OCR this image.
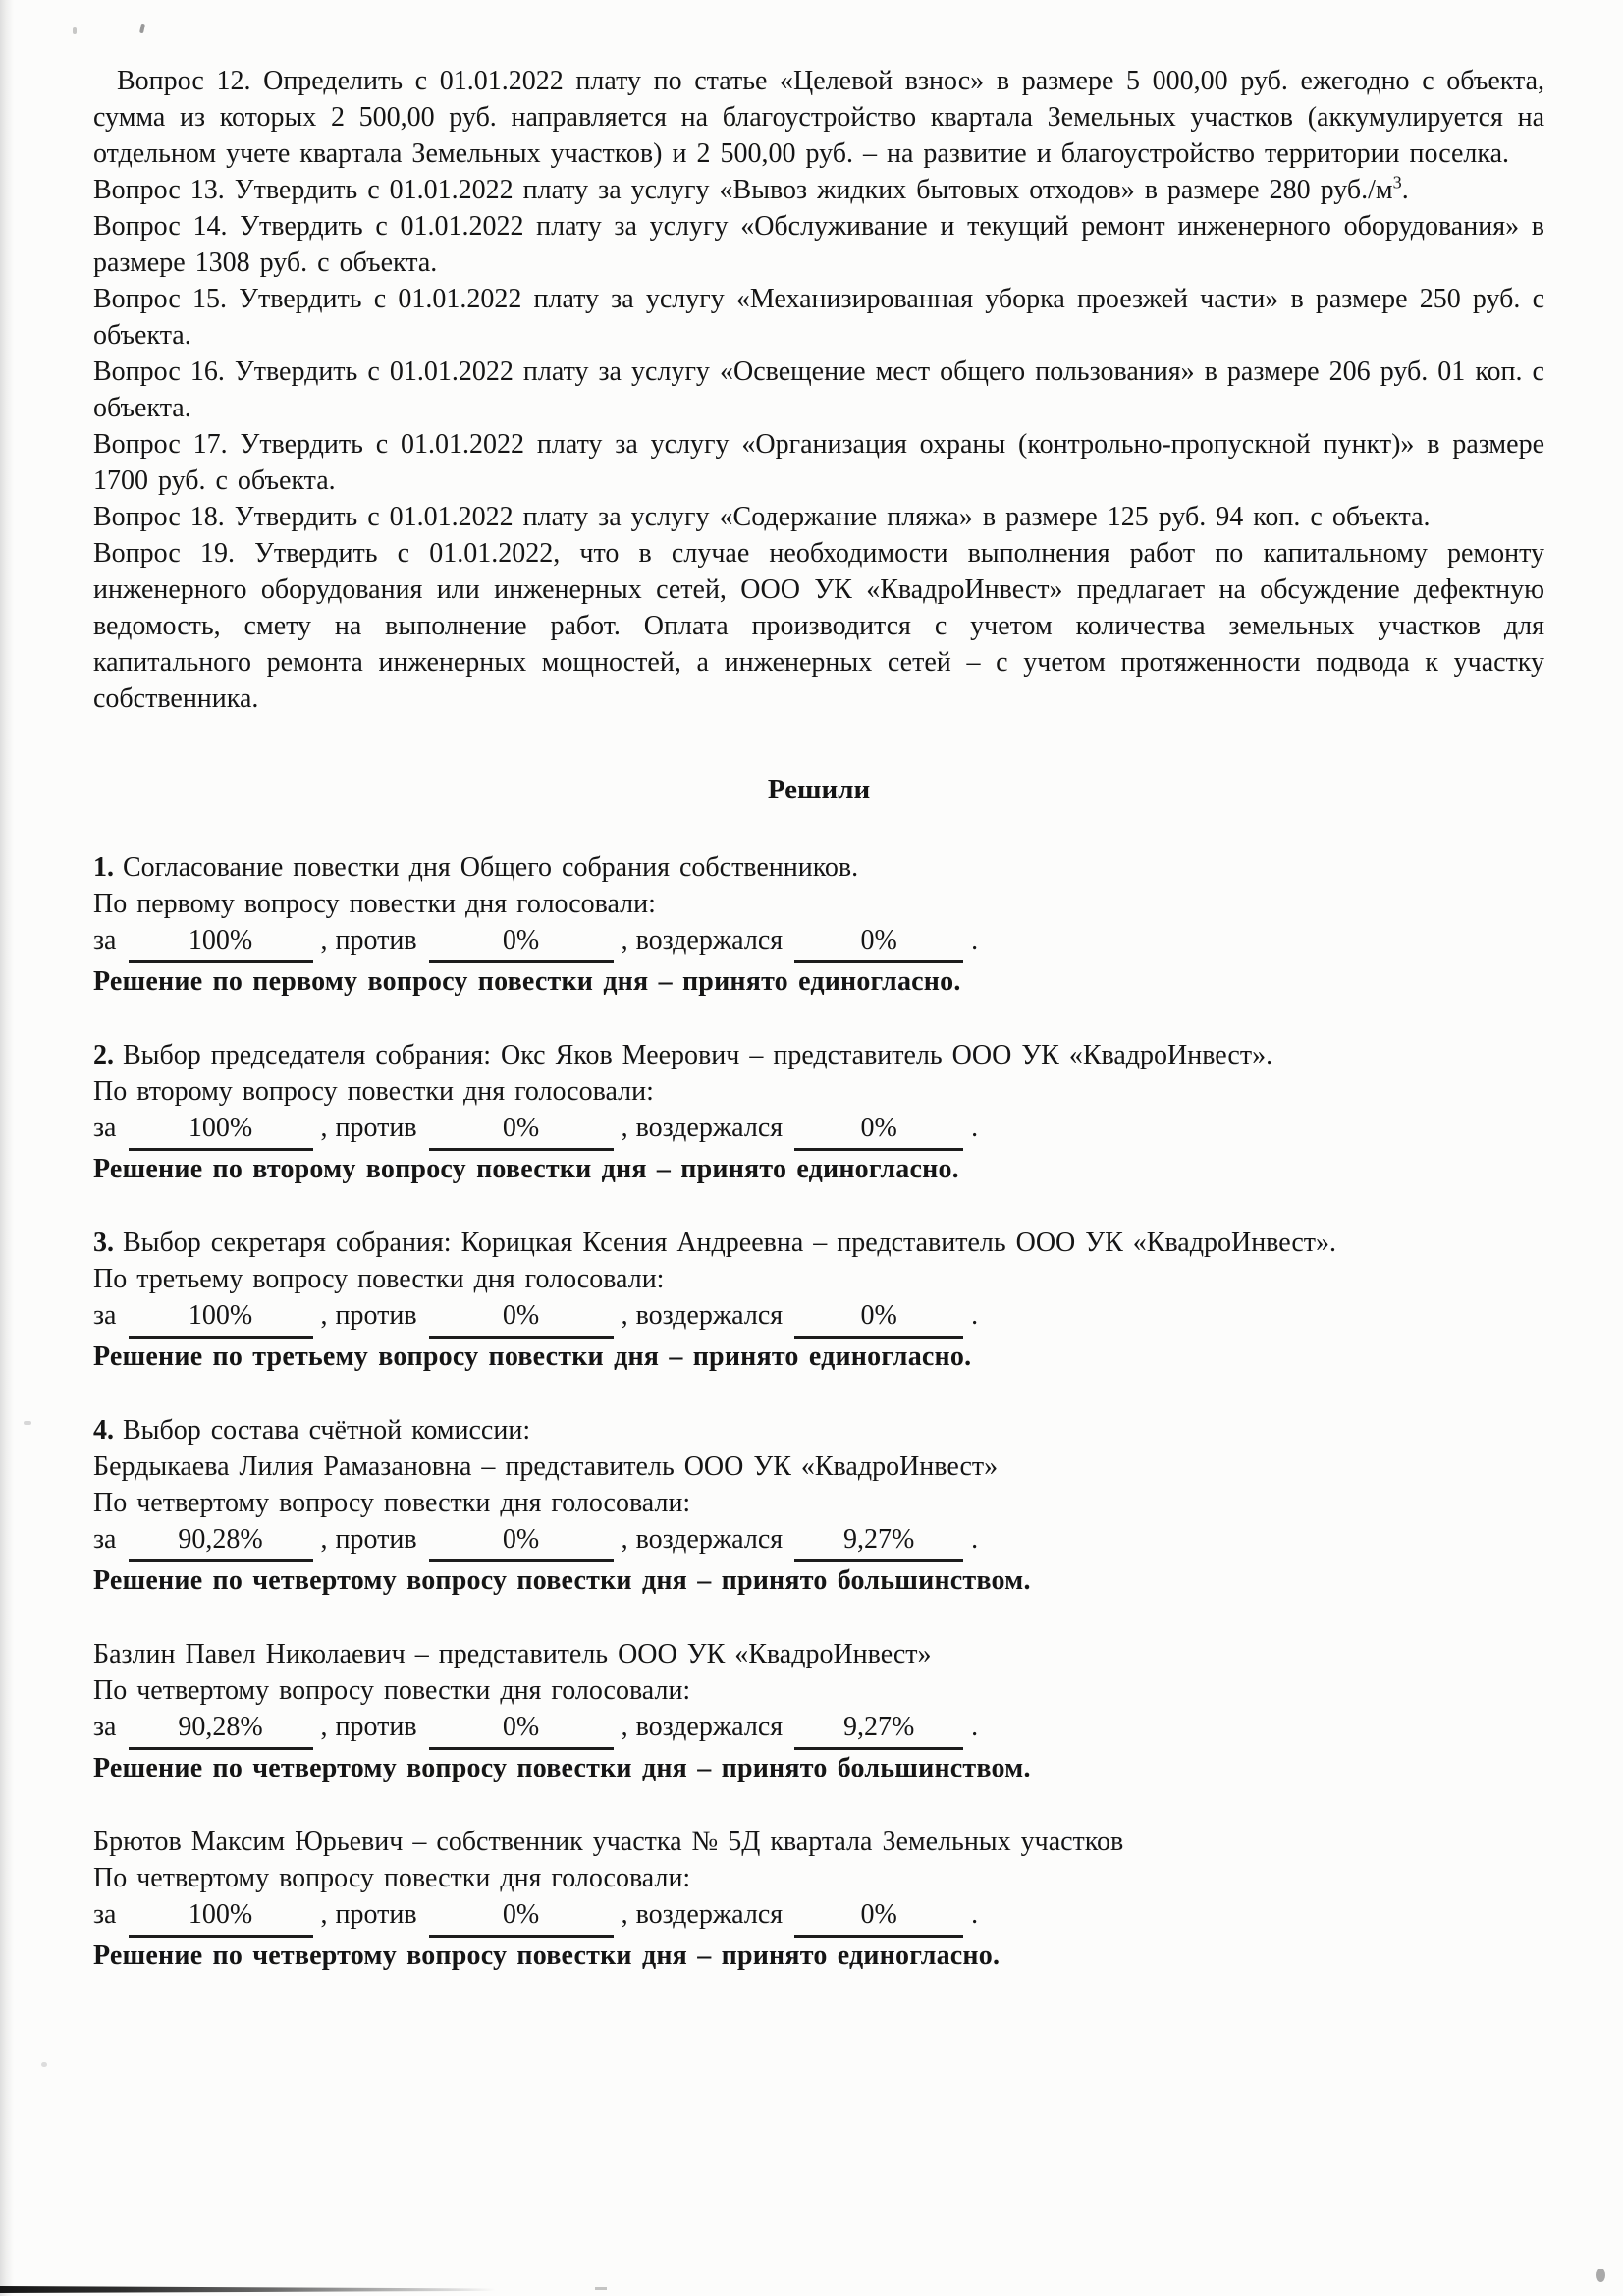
Вопрос 12. Определить с 01.01.2022 плату по статье «Целевой взнос» в размере 5 000,00 руб. ежегодно с объекта, сумма из которых 2 500,00 руб. направляется на благоустройство квартала Земельных участков (аккумулируется на отдельном учете квартала Земельных участков) и 2 500,00 руб. – на развитие и благоустройство территории поселка.

Вопрос 13. Утвердить с 01.01.2022 плату за услугу «Вывоз жидких бытовых отходов» в размере 280 $руб./м^3$.

Вопрос 14. Утвердить с 01.01.2022 плату за услугу «Обслуживание и текущий ремонт инженерного оборудования» в размере 1308 руб. с объекта.

Вопрос 15. Утвердить с 01.01.2022 плату за услугу «Механизированная уборка проезжей части» в размере 250 руб. с объекта.

Вопрос 16. Утвердить с 01.01.2022 плату за услугу «Освещение мест общего пользования» в размере 206 руб. 01 коп. с объекта.

Вопрос 17. Утвердить с 01.01.2022 плату за услугу «Организация охраны (контрольно-пропускной пункт)» в размере 1700 руб. с объекта.

Вопрос 18. Утвердить с 01.01.2022 плату за услугу «Содержание пляжа» в размере 125 руб. 94 коп. с объекта.

Вопрос 19. Утвердить с 01.01.2022, что в случае необходимости выполнения работ по капитальному ремонту инженерного оборудования или инженерных сетей, ООО УК «КвадроИнвест» предлагает на обсуждение дефектную ведомость, смету на выполнение работ. Оплата производится с учетом количества земельных участков для капитального ремонта инженерных мощностей, а инженерных сетей – с учетом протяженности подвода к участку собственника.

Решили

1. Согласование повестки дня Общего собрания собственников.

По первому вопросу повестки дня голосовали:

за	100% , против	0%	, воздержался	0%	.

Решение по первому вопросу повестки дня – принято единогласно.

2. Выбор председателя собрания: Окс Яков Меерович – представитель ООО УК «КвадроИнвест».

По второму вопросу повестки дня голосовали:

за	100% , против	0%	, воздержался	0%	.

Решение по второму вопросу повестки дня – принято единогласно.

3. Выбор секретаря собрания: Корицкая Ксения Андреевна – представитель ООО УК «КвадроИнвест».

По третьему вопросу повестки дня голосовали:

за	100% , против	0%	, воздержался	0%	.

Решение по третьему вопросу повестки дня – принято единогласно.

4. Выбор состава счётной комиссии:

Бердыкаева Лилия Рамазановна – представитель ООО УК «КвадроИнвест»

По четвертому вопросу повестки дня голосовали:

за 90,28% , против	0%	, воздержался 9,27% .

Решение по четвертому вопросу повестки дня – принято большинством.

Базлин Павел Николаевич – представитель ООО УК «КвадроИнвест»

По четвертому вопросу повестки дня голосовали:

за 90,28% , против	0%	, воздержался 9,27% .

Решение по четвертому вопросу повестки дня – принято большинством.

Брютов Максим Юрьевич – собственник участка № 5Д квартала Земельных участков

По четвертому вопросу повестки дня голосовали:

за	100% , против	0%	, воздержался	0%	.

Решение по четвертому вопросу повестки дня – принято единогласно.
